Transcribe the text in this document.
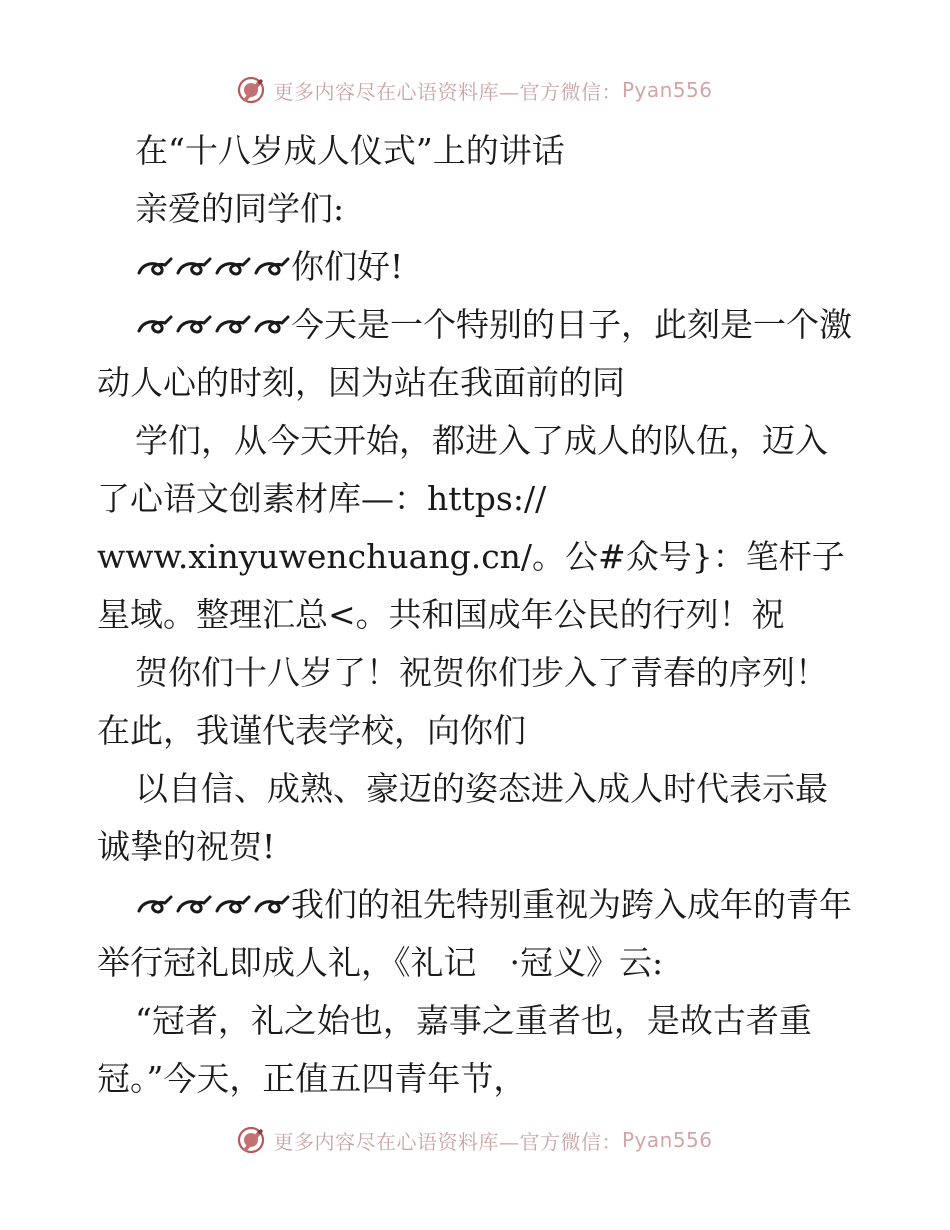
更多内容尽在心语资料库—官方微信： Pyan556

在“十八岁成人仪式”上的讲话

亲爱的同学们:

你们好!

今天是一个特别的日子，此刻是一个激动人心的时刻，因为站在我面前的同

学们，从今天开始，都进入了成人的队伍，迈入了心语文创素材库—：https://

www.xinyuwenchuang.cn/。公#众号}：笔杆子星域。整理汇总<。共和国成年公民的行列！祝

贺你们十八岁了！祝贺你们步入了青春的序列！在此，我谨代表学校，向你们

以自信、成熟、豪迈的姿态进入成人时代表示最诚挚的祝贺!

我们的祖先特别重视为跨入成年的青年举行冠礼即成人礼，《礼记　·冠义》云:

“冠者，礼之始也，嘉事之重者也，是故古者重冠。”今天，正值五四青年节，

更多内容尽在心语资料库—官方微信： Pyan556
